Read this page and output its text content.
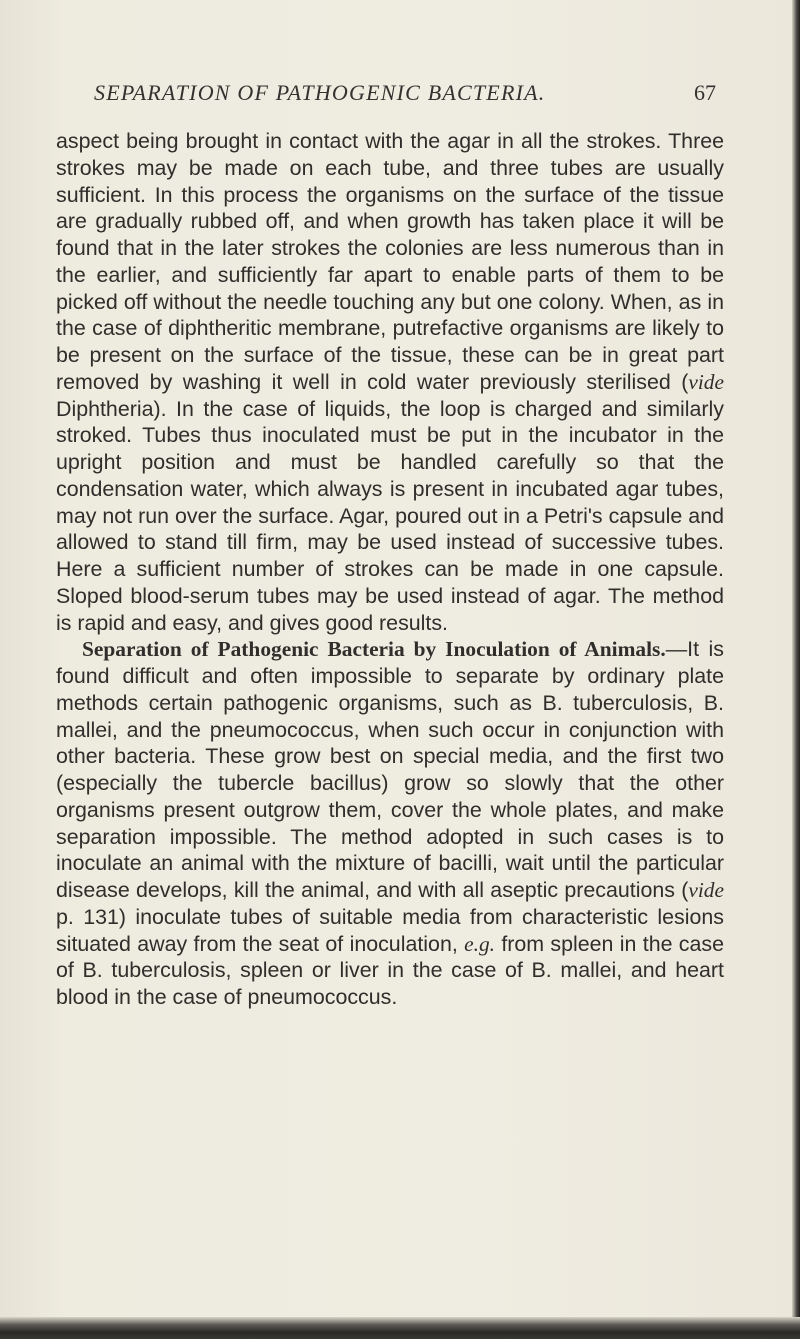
SEPARATION OF PATHOGENIC BACTERIA.	67

aspect being brought in contact with the agar in all the strokes. Three strokes may be made on each tube, and three tubes are usually sufficient. In this process the organisms on the surface of the tissue are gradually rubbed off, and when growth has taken place it will be found that in the later strokes the colonies are less numerous than in the earlier, and sufficiently far apart to enable parts of them to be picked off without the needle touching any but one colony. When, as in the case of diphtheritic membrane, putrefactive organisms are likely to be present on the surface of the tissue, these can be in great part removed by washing it well in cold water previously sterilised (vide Diphtheria). In the case of liquids, the loop is charged and similarly stroked. Tubes thus inoculated must be put in the incubator in the upright position and must be handled carefully so that the condensation water, which always is present in incubated agar tubes, may not run over the surface. Agar, poured out in a Petri's capsule and allowed to stand till firm, may be used instead of successive tubes. Here a sufficient number of strokes can be made in one capsule. Sloped blood-serum tubes may be used instead of agar. The method is rapid and easy, and gives good results.

Separation of Pathogenic Bacteria by Inoculation of Animals.—It is found difficult and often impossible to separate by ordinary plate methods certain pathogenic organisms, such as B. tuberculosis, B. mallei, and the pneumococcus, when such occur in conjunction with other bacteria. These grow best on special media, and the first two (especially the tubercle bacillus) grow so slowly that the other organisms present outgrow them, cover the whole plates, and make separation impossible. The method adopted in such cases is to inoculate an animal with the mixture of bacilli, wait until the particular disease develops, kill the animal, and with all aseptic precautions (vide p. 131) inoculate tubes of suitable media from characteristic lesions situated away from the seat of inoculation, e.g. from spleen in the case of B. tuberculosis, spleen or liver in the case of B. mallei, and heart blood in the case of pneumococcus.
